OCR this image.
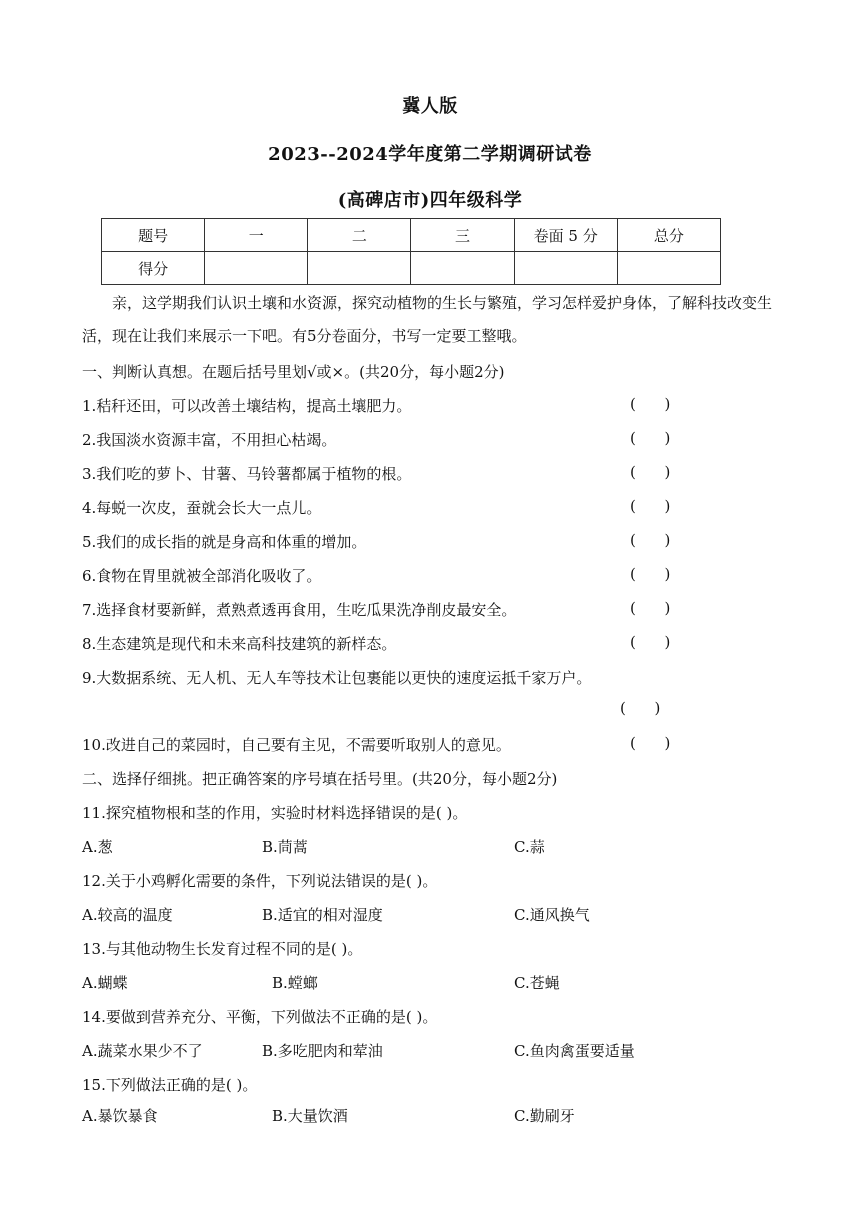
冀人版
2023--2024学年度第二学期调研试卷
(高碑店市)四年级科学
题号	一	二	三	卷面 5 分	总分
得分					
亲，这学期我们认识土壤和水资源，探究动植物的生长与繁殖，学习怎样爱护身体，了解科技改变生活，现在让我们来展示一下吧。有5分卷面分，书写一定要工整哦。
一、判断认真想。在题后括号里划√或×。(共20分，每小题2分)
1.秸秆还田，可以改善土壤结构，提高土壤肥力。	(      )
2.我国淡水资源丰富，不用担心枯竭。	(      )
3.我们吃的萝卜、甘薯、马铃薯都属于植物的根。	(      )
4.每蜕一次皮，蚕就会长大一点儿。	(      )
5.我们的成长指的就是身高和体重的增加。	(      )
6.食物在胃里就被全部消化吸收了。	(      )
7.选择食材要新鲜，煮熟煮透再食用，生吃瓜果洗净削皮最安全。	(      )
8.生态建筑是现代和未来高科技建筑的新样态。	(      )
9.大数据系统、无人机、无人车等技术让包裹能以更快的速度运抵千家万户。
(      )
10.改进自己的菜园时，自己要有主见，不需要听取别人的意见。	(      )
二、选择仔细挑。把正确答案的序号填在括号里。(共20分，每小题2分)
11.探究植物根和茎的作用，实验时材料选择错误的是( )。
A.葱	B.茼蒿	C.蒜
12.关于小鸡孵化需要的条件，下列说法错误的是( )。
A.较高的温度	B.适宜的相对湿度	C.通风换气
13.与其他动物生长发育过程不同的是( )。
A.蝴蝶	B.螳螂	C.苍蝇
14.要做到营养充分、平衡，下列做法不正确的是( )。
A.蔬菜水果少不了	B.多吃肥肉和荤油	C.鱼肉禽蛋要适量
15.下列做法正确的是( )。
A.暴饮暴食	B.大量饮酒	C.勤刷牙
